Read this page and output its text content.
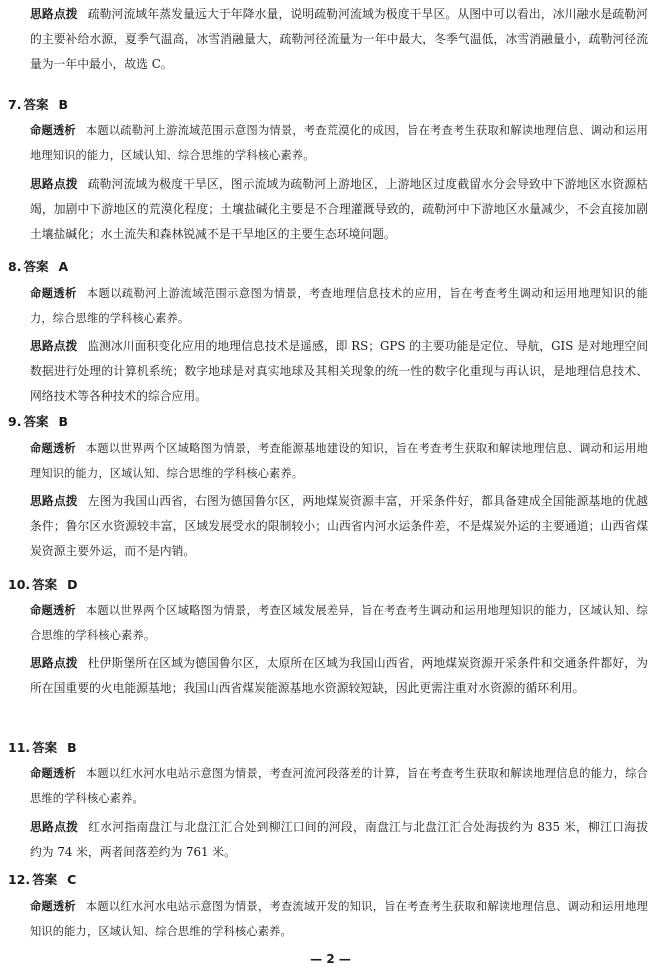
思路点拨 疏勒河流域年蒸发量远大于年降水量，说明疏勒河流域为极度干旱区。从图中可以看出，冰川融水是疏勒河的主要补给水源，夏季气温高，冰雪消融量大，疏勒河径流量为一年中最大，冬季气温低，冰雪消融量小，疏勒河径流量为一年中最小，故选 C。
7. 答案 B
命题透析 本题以疏勒河上游流域范围示意图为情景，考查荒漠化的成因，旨在考查考生获取和解读地理信息、调动和运用地理知识的能力，区域认知、综合思维的学科核心素养。
思路点拨 疏勒河流域为极度干旱区，图示流域为疏勒河上游地区，上游地区过度截留水分会导致中下游地区水资源枯竭，加剧中下游地区的荒漠化程度；土壤盐碱化主要是不合理灌溉导致的，疏勒河中下游地区水量减少，不会直接加剧土壤盐碱化；水土流失和森林锐减不是干旱地区的主要生态环境问题。
8. 答案 A
命题透析 本题以疏勒河上游流域范围示意图为情景，考查地理信息技术的应用，旨在考查考生调动和运用地理知识的能力，综合思维的学科核心素养。
思路点拨 监测冰川面积变化应用的地理信息技术是遥感，即 RS；GPS 的主要功能是定位、导航，GIS 是对地理空间数据进行处理的计算机系统；数字地球是对真实地球及其相关现象的统一性的数字化重现与再认识，是地理信息技术、网络技术等各种技术的综合应用。
9. 答案 B
命题透析 本题以世界两个区域略图为情景，考查能源基地建设的知识，旨在考查考生获取和解读地理信息、调动和运用地理知识的能力，区域认知、综合思维的学科核心素养。
思路点拨 左图为我国山西省，右图为德国鲁尔区，两地煤炭资源丰富，开采条件好，都具备建成全国能源基地的优越条件；鲁尔区水资源较丰富，区域发展受水的限制较小；山西省内河水运条件差，不是煤炭外运的主要通道；山西省煤炭资源主要外运，而不是内销。
10. 答案 D
命题透析 本题以世界两个区域略图为情景，考查区域发展差异，旨在考查考生调动和运用地理知识的能力，区域认知、综合思维的学科核心素养。
思路点拨 杜伊斯堡所在区域为德国鲁尔区，太原所在区域为我国山西省，两地煤炭资源开采条件和交通条件都好，为所在国重要的火电能源基地；我国山西省煤炭能源基地水资源较短缺，因此更需注重对水资源的循环利用。
11. 答案 B
命题透析 本题以红水河水电站示意图为情景，考查河流河段落差的计算，旨在考查考生获取和解读地理信息的能力，综合思维的学科核心素养。
思路点拨 红水河指南盘江与北盘江汇合处到柳江口间的河段，南盘江与北盘江汇合处海拔约为 835 米，柳江口海拔约为 74 米，两者间落差约为 761 米。
12. 答案 C
命题透析 本题以红水河水电站示意图为情景，考查流域开发的知识，旨在考查考生获取和解读地理信息、调动和运用地理知识的能力，区域认知、综合思维的学科核心素养。
— 2 —
